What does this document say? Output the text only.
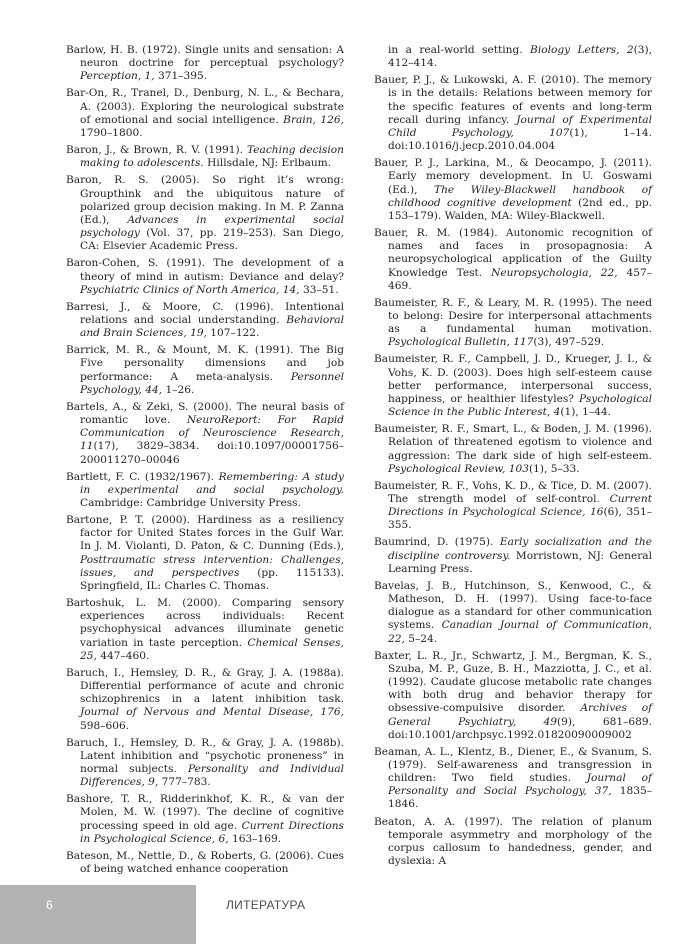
Barlow, H. B. (1972). Single units and sensation: A neuron doctrine for perceptual psychology? Perception, 1, 371–395.

Bar-On, R., Tranel, D., Denburg, N. L., & Bechara, A. (2003). Exploring the neurological substrate of emotional and social intelligence. Brain, 126, 1790–1800.

Baron, J., & Brown, R. V. (1991). Teaching decision making to adolescents. Hillsdale, NJ: Erlbaum.

Baron, R. S. (2005). So right it’s wrong: Groupthink and the ubiquitous nature of polarized group decision making. In M. P. Zanna (Ed.), Advances in experimental social psychology (Vol. 37, pp. 219–253). San Diego, CA: Elsevier Academic Press.

Baron-Cohen, S. (1991). The development of a theory of mind in autism: Deviance and delay? Psychiatric Clinics of North America, 14, 33–51.

Barresi, J., & Moore, C. (1996). Intentional relations and social understanding. Behavioral and Brain Sciences, 19, 107–122.

Barrick, M. R., & Mount, M. K. (1991). The Big Five personality dimensions and job performance: A meta-analysis. Personnel Psychology, 44, 1–26.

Bartels, A., & Zeki, S. (2000). The neural basis of romantic love. NeuroReport: For Rapid Communication of Neuroscience Research, 11(17), 3829–3834. doi:10.1097/00001756–200011270–00046

Bartlett, F. C. (1932/1967). Remembering: A study in experimental and social psychology. Cambridge: Cambridge University Press.

Bartone, P. T. (2000). Hardiness as a resiliency factor for United States forces in the Gulf War. In J. M. Violanti, D. Paton, & C. Dunning (Eds.), Posttraumatic stress intervention: Challenges, issues, and perspectives (pp. 115133). Springfield, IL: Charles C. Thomas.

Bartoshuk, L. M. (2000). Comparing sensory experiences across individuals: Recent psychophysical advances illuminate genetic variation in taste perception. Chemical Senses, 25, 447–460.

Baruch, I., Hemsley, D. R., & Gray, J. A. (1988a). Differential performance of acute and chronic schizophrenics in a latent inhibition task. Journal of Nervous and Mental Disease, 176, 598–606.

Baruch, I., Hemsley, D. R., & Gray, J. A. (1988b). Latent inhibition and “psychotic proneness” in normal subjects. Personality and Individual Differences, 9, 777–783.

Bashore, T. R., Ridderinkhof, K. R., & van der Molen, M. W. (1997). The decline of cognitive processing speed in old age. Current Directions in Psychological Science, 6, 163–169.

Bateson, M., Nettle, D., & Roberts, G. (2006). Cues of being watched enhance cooperation

in a real-world setting. Biology Letters, 2(3), 412–414.

Bauer, P. J., & Lukowski, A. F. (2010). The memory is in the details: Relations between memory for the specific features of events and long-term recall during infancy. Journal of Experimental Child Psychology, 107(1), 1–14. doi:10.1016/j.jecp.2010.04.004

Bauer, P. J., Larkina, M., & Deocampo, J. (2011). Early memory development. In U. Goswami (Ed.), The Wiley-Blackwell handbook of childhood cognitive development (2nd ed., pp. 153–179). Walden, MA: Wiley-Blackwell.

Bauer, R. M. (1984). Autonomic recognition of names and faces in prosopagnosia: A neuropsychological application of the Guilty Knowledge Test. Neuropsychologia, 22, 457–469.

Baumeister, R. F., & Leary, M. R. (1995). The need to belong: Desire for interpersonal attachments as a fundamental human motivation. Psychological Bulletin, 117(3), 497–529.

Baumeister, R. F., Campbell, J. D., Krueger, J. I., & Vohs, K. D. (2003). Does high self-esteem cause better performance, interpersonal success, happiness, or healthier lifestyles? Psychological Science in the Public Interest, 4(1), 1–44.

Baumeister, R. F., Smart, L., & Boden, J. M. (1996). Relation of threatened egotism to violence and aggression: The dark side of high self-esteem. Psychological Review, 103(1), 5–33.

Baumeister, R. F., Vohs, K. D., & Tice, D. M. (2007). The strength model of self-control. Current Directions in Psychological Science, 16(6), 351–355.

Baumrind, D. (1975). Early socialization and the discipline controversy. Morristown, NJ: General Learning Press.

Bavelas, J. B., Hutchinson, S., Kenwood, C., & Matheson, D. H. (1997). Using face-to-face dialogue as a standard for other communication systems. Canadian Journal of Communication, 22, 5–24.

Baxter, L. R., Jr., Schwartz, J. M., Bergman, K. S., Szuba, M. P., Guze, B. H., Mazziotta, J. C., et al. (1992). Caudate glucose metabolic rate changes with both drug and behavior therapy for obsessive-compulsive disorder. Archives of General Psychiatry, 49(9), 681–689. doi:10.1001/archpsyc.1992.01820090009002

Beaman, A. L., Klentz, B., Diener, E., & Svanum, S. (1979). Self-awareness and transgression in children: Two field studies. Journal of Personality and Social Psychology, 37, 1835–1846.

Beaton, A. A. (1997). The relation of planum temporale asymmetry and morphology of the corpus callosum to handedness, gender, and dyslexia: A

6	ЛИТЕРАТУРА
